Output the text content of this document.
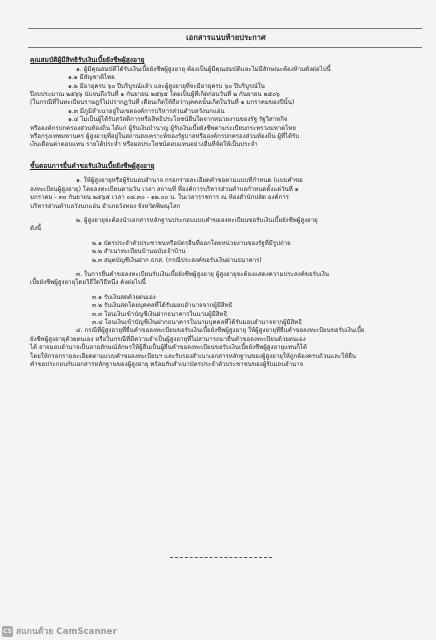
เอกสารแนบท้ายประกาศ
คุณสมบัติผู้มีสิทธิรับเงินเบี้ยยังชีพผู้สูงอายุ

๑. ผู้มีคุณสมบัติได้รับเงินเบี้ยยังชีพผู้สูงอายุ ต้องเป็นผู้มีคุณสมบัติและไม่มีลักษณะต้องห้ามดังต่อไปนี้

๑.๑ มีสัญชาติไทย

๑.๒ มีอายุครบ ๖๐ ปีบริบูรณ์แล้ว และผู้สูงอายุที่จะมีอายุครบ ๖๐ ปีบริบูรณ์ใน

ปีงบประมาณ ๒๕๖๖ นับจนถึงวันที่ ๑ กันยายน ๒๕๖๕ โดยเป็นผู้ที่เกิดก่อนวันที่ ๒ กันยายน ๒๕๐๖

(ในกรณีที่ในทะเบียนราษฎร์ไม่ปรากฏวันที่ เดือนเกิดให้ถือว่าบุคคลนั้นเกิดในวันที่ ๑ มกราคมของปีนั้น)

๑.๓ มีภูมิลำเนาอยู่ในเขตองค์การบริหารส่วนตำบลวังนกแอ่น

๑.๔ ไม่เป็นผู้ได้รับสวัสดิการหรือสิทธิประโยชน์อื่นใดจากหน่วยงานของรัฐ รัฐวิสาหกิจ

หรือองค์กรปกครองส่วนท้องถิ่น ได้แก่ ผู้รับเงินบำนาญ ผู้รับเงินเบี้ยยังชีพตามระเบียบกระทรวงมหาดไทย

หรือกรุงเทพมหานคร ผู้สูงอายุที่อยู่ในสถานสงเคราะห์ของรัฐบาลหรือองค์กรปกครองส่วนท้องถิ่น ผู้ที่ได้รับ

เงินเดือนค่าตอบแทน รายได้ประจำ หรือผลประโยชน์ตอบแทนอย่างอื่นที่จัดให้เป็นประจำ

ขั้นตอนการยื่นคำขอรับเงินเบี้ยยังชีพผู้สูงอายุ

๑. ให้ผู้สูงอายุหรือผู้รับมอบอำนาจ กรอกรายละเอียดคำขอตามแบบที่กำหนด (แบบคำขอ

ลงทะเบียนผู้สูงอายุ) โดยลงทะเบียนตามวัน เวลา สถานที่ ที่องค์การบริหารส่วนตำบลกำหนดตั้งแต่วันที่ ๑

มกราคม - ๓๐ กันยายน ๒๕๖๕ เวลา ๐๘.๓๐ - ๑๒.๐๐ น. ในเวลาราชการ ณ ห้องสำนักปลัด องค์การ

บริหารส่วนตำบลวังนกแอ่น อำเภอวังทอง จังหวัดพิษณุโลก

๒. ผู้สูงอายุจะต้องนำเอกสารหลักฐานประกอบแบบคำขอลงทะเบียนขอรับเงินเบี้ยยังชีพผู้สูงอายุ

ดังนี้

๒.๑ บัตรประจำตัวประชาชนหรือบัตรอื่นที่ออกโดยหน่วยงานของรัฐที่มีรูปถ่าย

๒.๒ สำเนาทะเบียนบ้านฉบับเจ้าบ้าน

๒.๓ สมุดบัญชีเงินฝาก ธกส. (กรณีประสงค์ขอรับเงินผ่านธนาคาร)

๓. ในการยื่นคำขอลงทะเบียนรับเงินเบี้ยยังชีพผู้สูงอายุ ผู้สูงอายุจะต้องแสดงความประสงค์ขอรับเงิน

เบี้ยยังชีพผู้สูงอายุโดยวิธีใดวิธีหนึ่ง ดังต่อไปนี้

๓.๑ รับเงินสดด้วยตนเอง

๓.๒ รับเงินสดโดยบุคคลที่ได้รับมอบอำนาจจากผู้มีสิทธิ

๓.๓ โอนเงินเข้าบัญชีเงินฝากธนาคารในนามผู้มีสิทธิ

๓.๔ โอนเงินเข้าบัญชีเงินฝากธนาคารในนามบุคคลที่ได้รับมอบอำนาจจากผู้มีสิทธิ

๔. กรณีที่ผู้สูงอายุที่ยื่นคำขอลงทะเบียนขอรับเงินเบี้ยยังชีพผู้สูงอายุ ให้ผู้สูงอายุที่ยื่นคำขอลงทะเบียนขอรับเงินเบี้ย

ยังชีพผู้สูงอายุด้วยตนเอง หรือในกรณีที่มีความจำเป็นผู้สูงอายุที่ไม่สามารถมายื่นคำขอลงทะเบียนด้วยตนเอง

ได้ อาจมอบอำนาจเป็นลายลักษณ์อักษรให้ผู้อื่นเป็นผู้ยื่นคำขอลงทะเบียนขอรับเงินเบี้ยยังชีพผู้สูงอายุแทนก็ได้

โดยให้กรอกรายละเอียดตามแบบคำขอลงทะเบียนฯ และรับรองสำเนาเอกสารหลักฐานของผู้สูงอายุให้ถูกต้องครบถ้วนและให้ยื่น

คำขอประกอบกับเอกสารหลักฐานของผู้สูงอายุ พร้อมกับสำเนาบัตรประจำตัวประชาชนของผู้รับมอบอำนาจ

CS สแกนด้วย CamScanner
